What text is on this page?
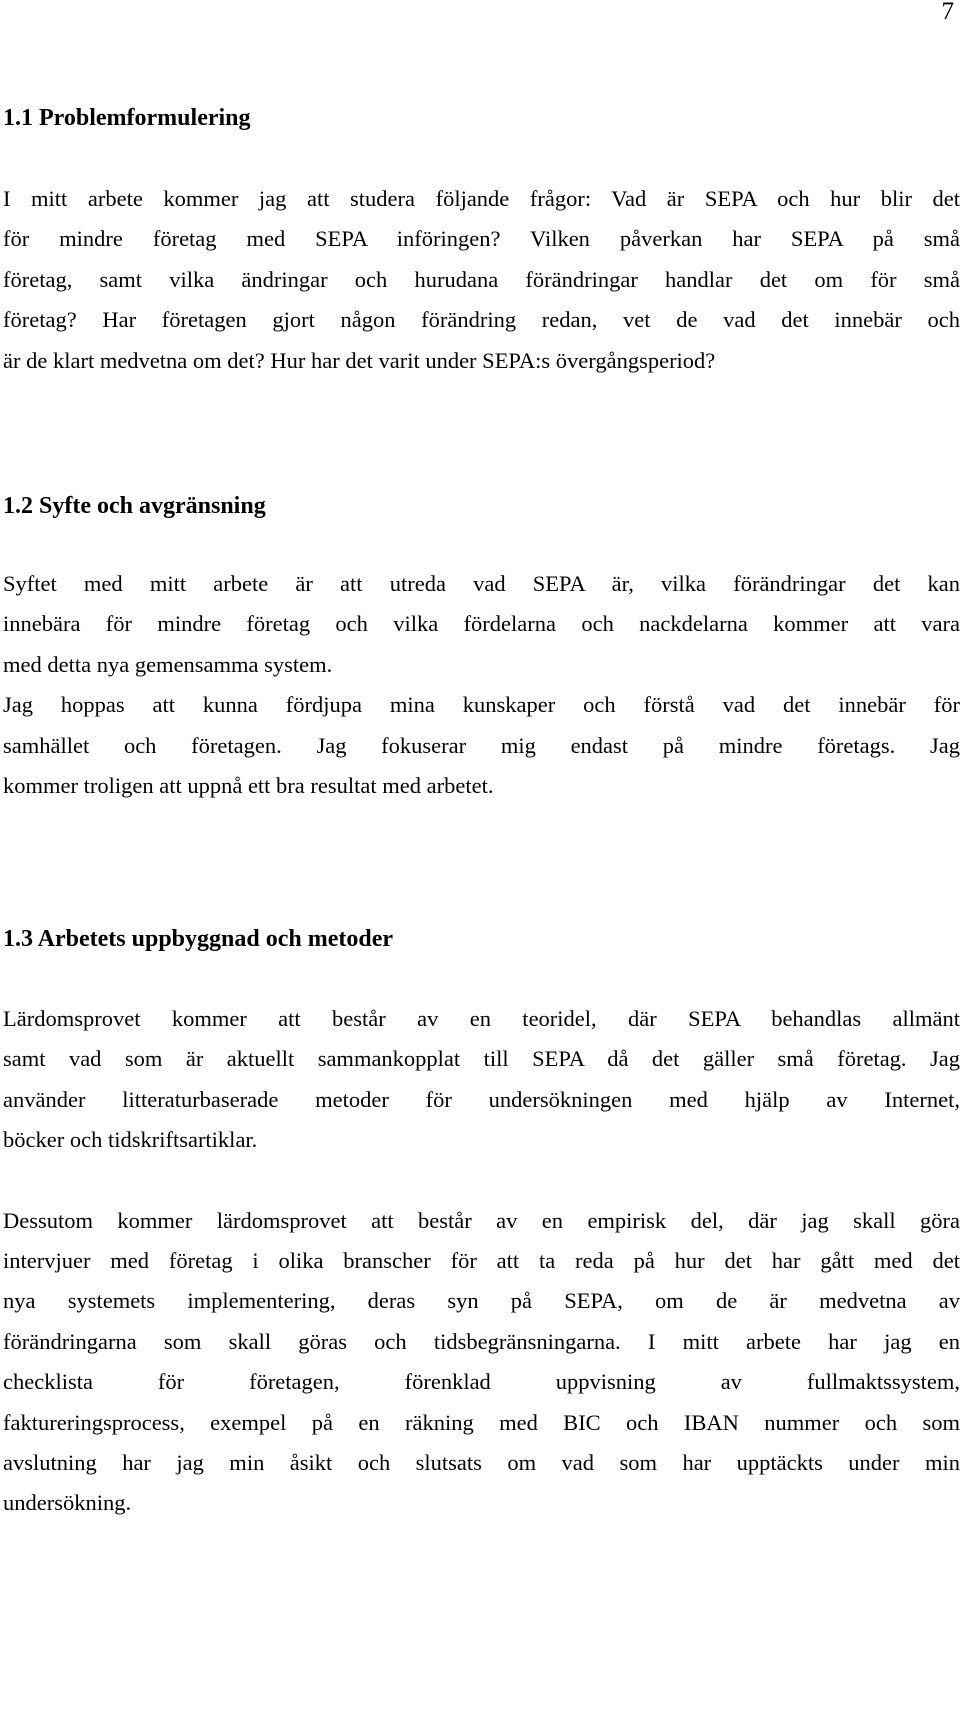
7
1.1 Problemformulering

I mitt arbete kommer jag att studera följande frågor: Vad är SEPA och hur blir det
för mindre företag med SEPA införingen? Vilken påverkan har SEPA på små
företag, samt vilka ändringar och hurudana förändringar handlar det om för små
företag? Har företagen gjort någon förändring redan, vet de vad det innebär och
är de klart medvetna om det? Hur har det varit under SEPA:s övergångsperiod?

1.2 Syfte och avgränsning

Syftet med mitt arbete är att utreda vad SEPA är, vilka förändringar det kan
innebära för mindre företag och vilka fördelarna och nackdelarna kommer att vara
med detta nya gemensamma system.

Jag hoppas att kunna fördjupa mina kunskaper och förstå vad det innebär för
samhället och företagen. Jag fokuserar mig endast på mindre företags. Jag
kommer troligen att uppnå ett bra resultat med arbetet.

1.3 Arbetets uppbyggnad och metoder

Lärdomsprovet kommer att består av en teoridel, där SEPA behandlas allmänt
samt vad som är aktuellt sammankopplat till SEPA då det gäller små företag. Jag
använder litteraturbaserade metoder för undersökningen med hjälp av Internet,
böcker och tidskriftsartiklar.

Dessutom kommer lärdomsprovet att består av en empirisk del, där jag skall göra
intervjuer med företag i olika branscher för att ta reda på hur det har gått med det
nya systemets implementering, deras syn på SEPA, om de är medvetna av
förändringarna som skall göras och tidsbegränsningarna. I mitt arbete har jag en
checklista för företagen, förenklad uppvisning av fullmaktssystem,
faktureringsprocess, exempel på en räkning med BIC och IBAN nummer och som
avslutning har jag min åsikt och slutsats om vad som har upptäckts under min
undersökning.
